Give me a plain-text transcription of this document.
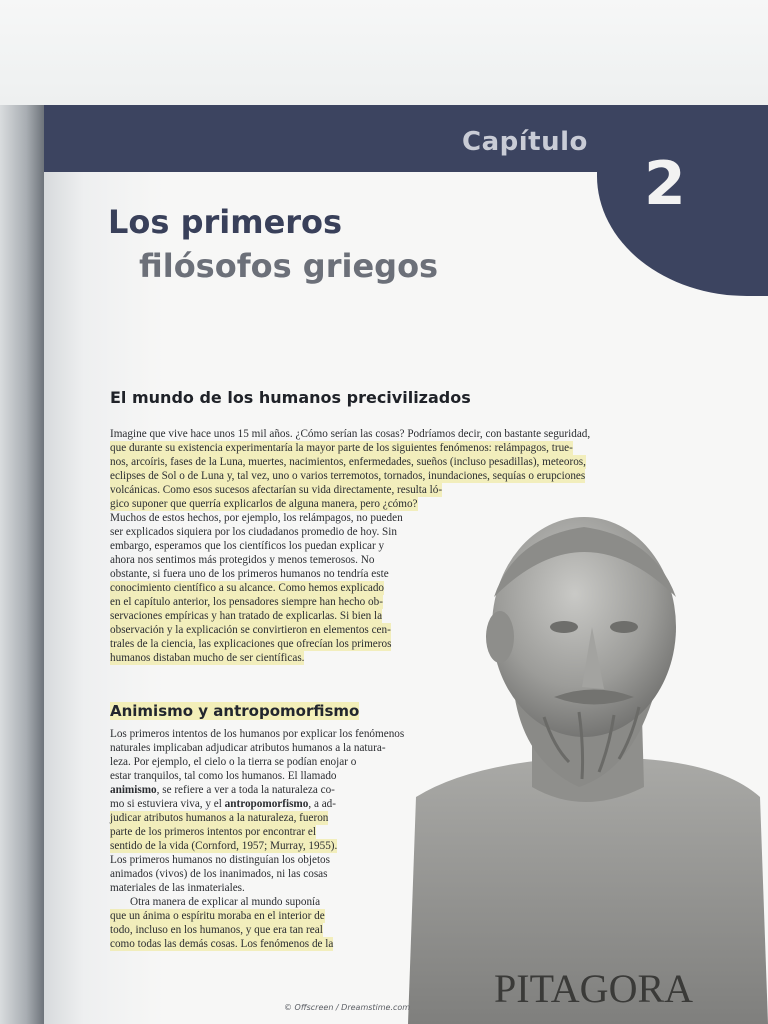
Capítulo
2
Los primeros
filósofos griegos
El mundo de los humanos precivilizados
Imagine que vive hace unos 15 mil años. ¿Cómo serían las cosas? Podríamos decir, con bastante seguridad,
que durante su existencia experimentaría la mayor parte de los siguientes fenómenos: relámpagos, true-
nos, arcoíris, fases de la Luna, muertes, nacimientos, enfermedades, sueños (incluso pesadillas), meteoros,
eclipses de Sol o de Luna y, tal vez, uno o varios terremotos, tornados, inundaciones, sequías o erupciones
volcánicas. Como esos sucesos afectarían su vida directamente, resulta ló-
gico suponer que querría explicarlos de alguna manera, pero ¿cómo?
Muchos de estos hechos, por ejemplo, los relámpagos, no pueden
ser explicados siquiera por los ciudadanos promedio de hoy. Sin
embargo, esperamos que los científicos los puedan explicar y
ahora nos sentimos más protegidos y menos temerosos. No
obstante, si fuera uno de los primeros humanos no tendría este
conocimiento científico a su alcance. Como hemos explicado
en el capítulo anterior, los pensadores siempre han hecho ob-
servaciones empíricas y han tratado de explicarlas. Si bien la
observación y la explicación se convirtieron en elementos cen-
trales de la ciencia, las explicaciones que ofrecían los primeros
humanos distaban mucho de ser científicas.
Animismo y antropomorfismo
Los primeros intentos de los humanos por explicar los fenómenos
naturales implicaban adjudicar atributos humanos a la natura-
leza. Por ejemplo, el cielo o la tierra se podían enojar o
estar tranquilos, tal como los humanos. El llamado
animismo, se refiere a ver a toda la naturaleza co-
mo si estuviera viva, y el antropomorfismo, a ad-
judicar atributos humanos a la naturaleza, fueron
parte de los primeros intentos por encontrar el
sentido de la vida (Cornford, 1957; Murray, 1955).
Los primeros humanos no distinguían los objetos
animados (vivos) de los inanimados, ni las cosas
materiales de las inmateriales.
Otra manera de explicar al mundo suponía
que un ánima o espíritu moraba en el interior de
todo, incluso en los humanos, y que era tan real
como todas las demás cosas. Los fenómenos de la
PITAGORA
© Offscreen / Dreamstime.com
